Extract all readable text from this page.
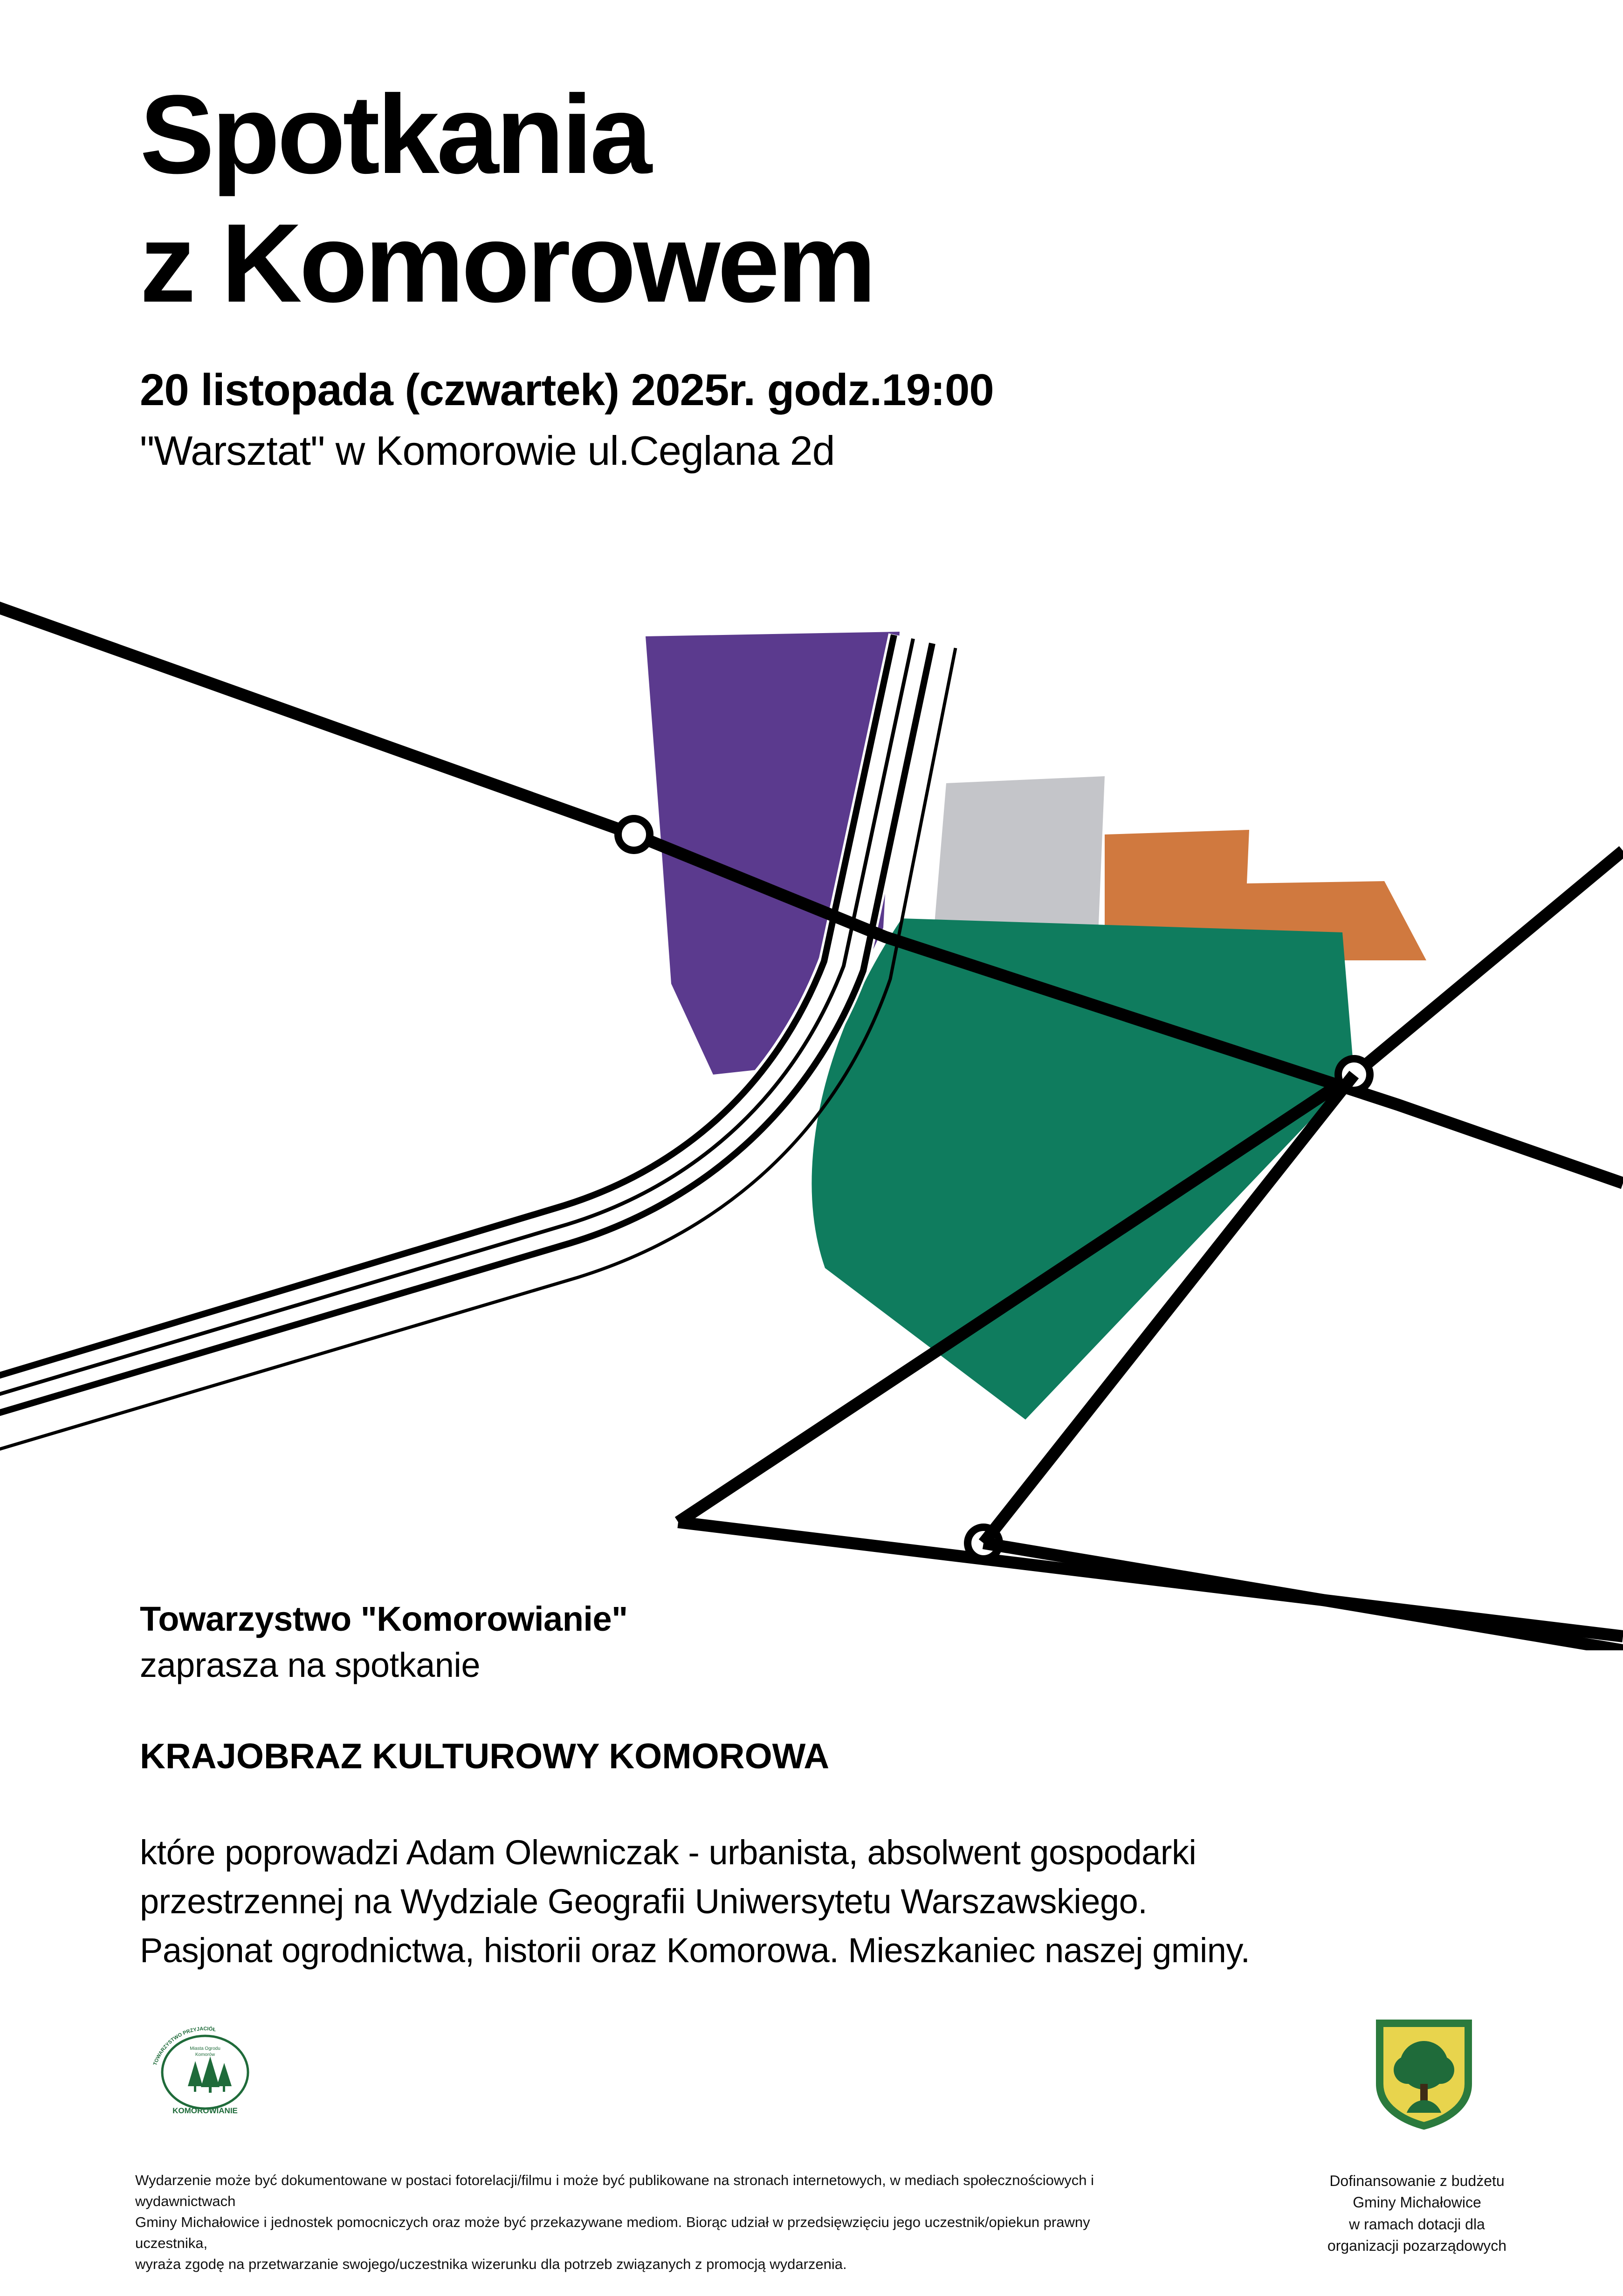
Spotkania
z Komorowem
20 listopada (czwartek) 2025r. godz.19:00
"Warsztat" w Komorowie ul.Ceglana 2d
Towarzystwo "Komorowianie"
zaprasza na spotkanie
KRAJOBRAZ KULTUROWY KOMOROWA
które poprowadzi Adam Olewniczak - urbanista, absolwent gospodarki
przestrzennej na Wydziale Geografii Uniwersytetu Warszawskiego.
Pasjonat ogrodnictwa, historii oraz Komorowa. Mieszkaniec naszej gminy.
TOWARZYSTWO PRZYJACIÓŁ
Miasta Ogrodu
Komorów
KOMOROWIANIE
Wydarzenie może być dokumentowane w postaci fotorelacji/filmu i może być publikowane na stronach internetowych, w mediach społecznościowych i wydawnictwach
Gminy Michałowice i jednostek pomocniczych oraz może być przekazywane mediom. Biorąc udział w przedsięwzięciu jego uczestnik/opiekun prawny uczestnika,
wyraża zgodę na przetwarzanie swojego/uczestnika wizerunku dla potrzeb związanych z promocją wydarzenia.
Dofinansowanie z budżetu
Gminy Michałowice
w ramach dotacji dla
organizacji pozarządowych
